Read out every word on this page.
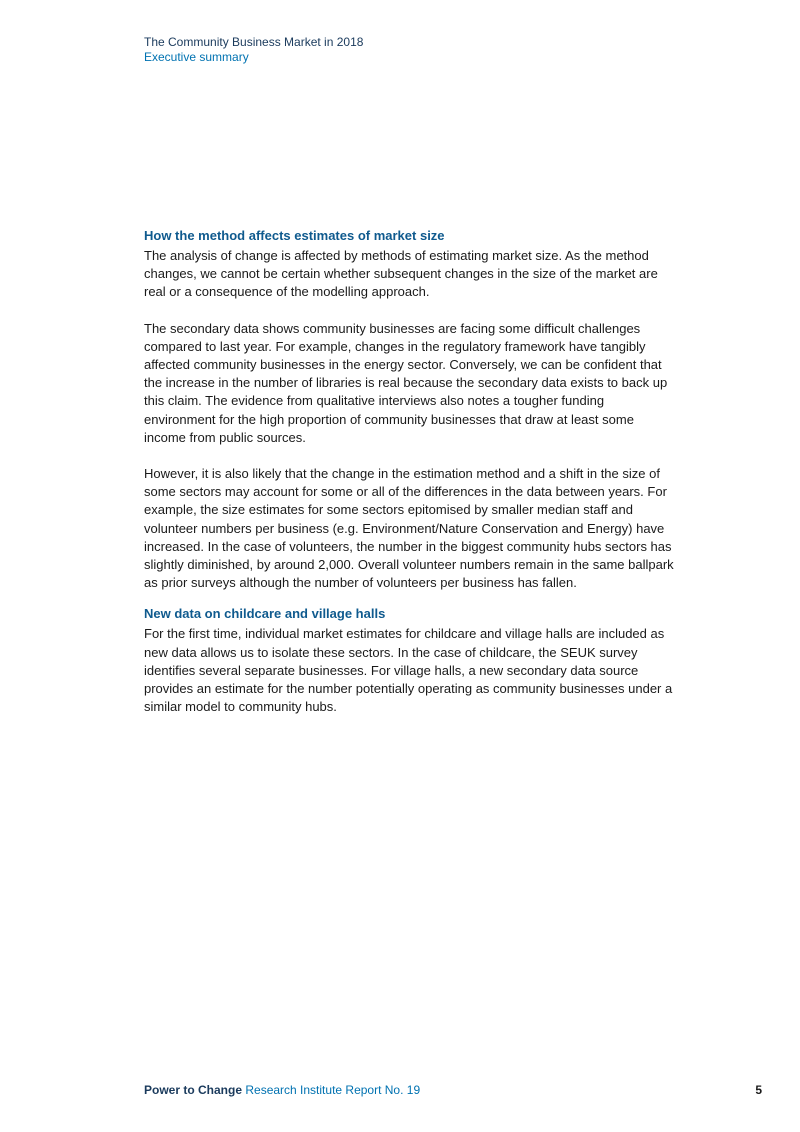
The Community Business Market in 2018
Executive summary
How the method affects estimates of market size

The analysis of change is affected by methods of estimating market size. As the method changes, we cannot be certain whether subsequent changes in the size of the market are real or a consequence of the modelling approach.

The secondary data shows community businesses are facing some difficult challenges compared to last year. For example, changes in the regulatory framework have tangibly affected community businesses in the energy sector. Conversely, we can be confident that the increase in the number of libraries is real because the secondary data exists to back up this claim. The evidence from qualitative interviews also notes a tougher funding environment for the high proportion of community businesses that draw at least some income from public sources.

However, it is also likely that the change in the estimation method and a shift in the size of some sectors may account for some or all of the differences in the data between years. For example, the size estimates for some sectors epitomised by smaller median staff and volunteer numbers per business (e.g. Environment/Nature Conservation and Energy) have increased. In the case of volunteers, the number in the biggest community hubs sectors has slightly diminished, by around 2,000. Overall volunteer numbers remain in the same ballpark as prior surveys although the number of volunteers per business has fallen.

New data on childcare and village halls

For the first time, individual market estimates for childcare and village halls are included as new data allows us to isolate these sectors. In the case of childcare, the SEUK survey identifies several separate businesses. For village halls, a new secondary data source provides an estimate for the number potentially operating as community businesses under a similar model to community hubs.

Power to Change Research Institute Report No. 19	5
